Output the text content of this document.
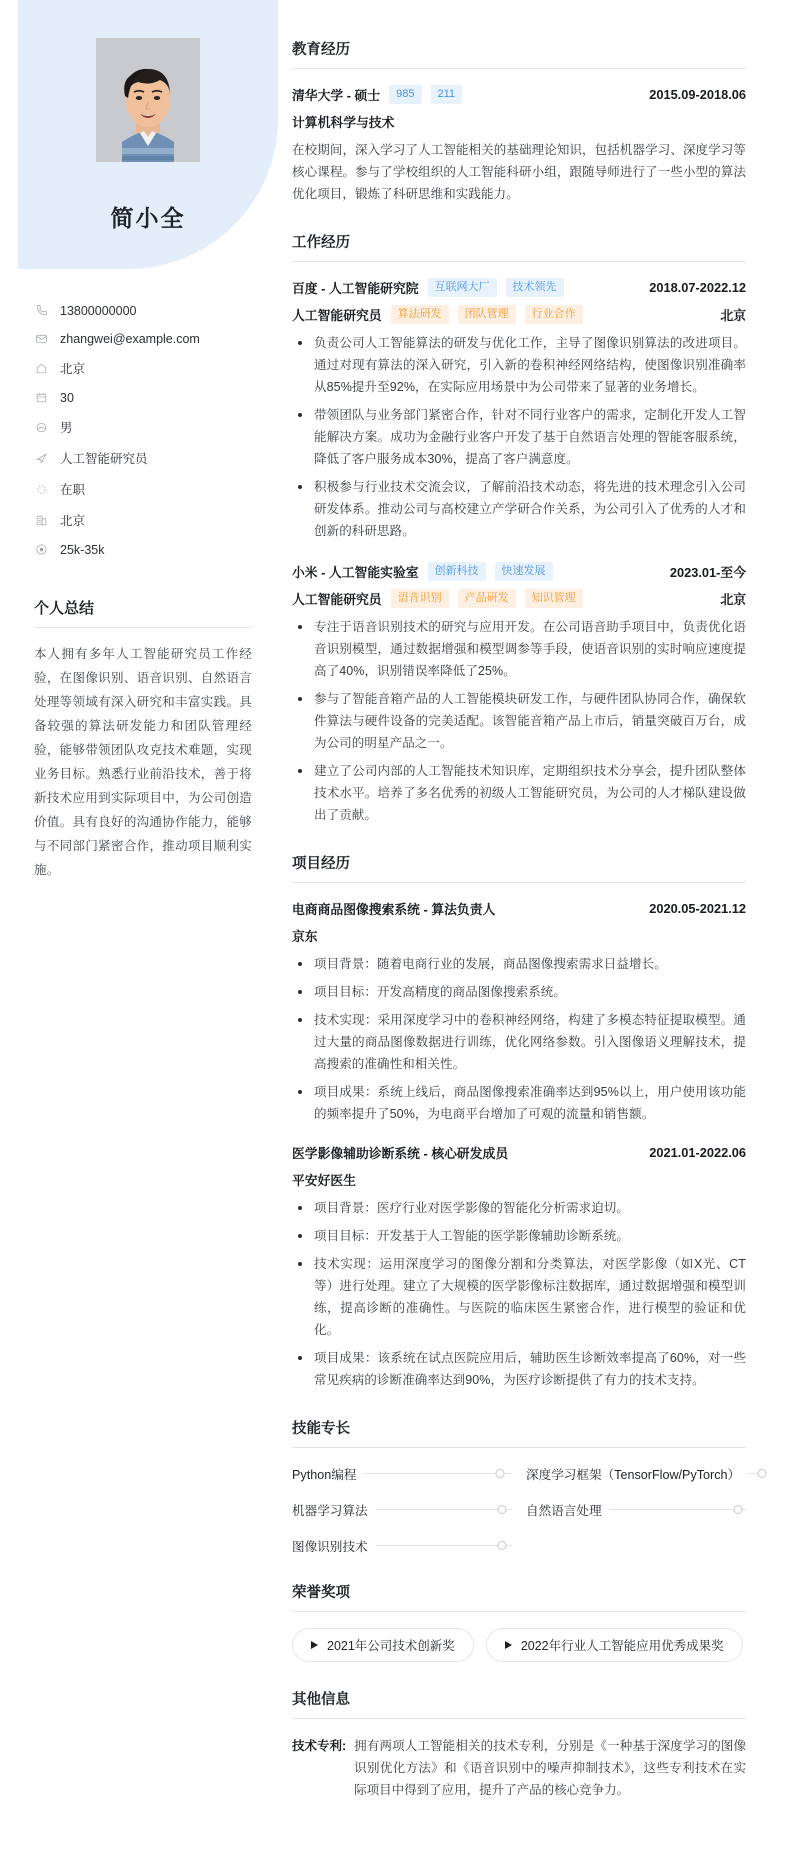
简小全
13800000000
zhangwei@example.com
北京
30
男
人工智能研究员
在职
北京
25k-35k
个人总结
本人拥有多年人工智能研究员工作经验，在图像识别、语音识别、自然语言处理等领域有深入研究和丰富实践。具备较强的算法研发能力和团队管理经验，能够带领团队攻克技术难题，实现业务目标。熟悉行业前沿技术，善于将新技术应用到实际项目中，为公司创造价值。具有良好的沟通协作能力，能够与不同部门紧密合作，推动项目顺利实施。
教育经历
清华大学 - 硕士	985	211	2015.09-2018.06
计算机科学与技术
在校期间，深入学习了人工智能相关的基础理论知识，包括机器学习、深度学习等核心课程。参与了学校组织的人工智能科研小组，跟随导师进行了一些小型的算法优化项目，锻炼了科研思维和实践能力。
工作经历
百度 - 人工智能研究院	互联网大厂	技术领先	2018.07-2022.12
人工智能研究员	算法研发	团队管理	行业合作	北京
负责公司人工智能算法的研发与优化工作，主导了图像识别算法的改进项目。通过对现有算法的深入研究，引入新的卷积神经网络结构，使图像识别准确率从85%提升至92%，在实际应用场景中为公司带来了显著的业务增长。
带领团队与业务部门紧密合作，针对不同行业客户的需求，定制化开发人工智能解决方案。成功为金融行业客户开发了基于自然语言处理的智能客服系统，降低了客户服务成本30%，提高了客户满意度。
积极参与行业技术交流会议，了解前沿技术动态，将先进的技术理念引入公司研发体系。推动公司与高校建立产学研合作关系，为公司引入了优秀的人才和创新的科研思路。
小米 - 人工智能实验室	创新科技	快速发展	2023.01-至今
人工智能研究员	语音识别	产品研发	知识管理	北京
专注于语音识别技术的研究与应用开发。在公司语音助手项目中，负责优化语音识别模型，通过数据增强和模型调参等手段，使语音识别的实时响应速度提高了40%，识别错误率降低了25%。
参与了智能音箱产品的人工智能模块研发工作，与硬件团队协同合作，确保软件算法与硬件设备的完美适配。该智能音箱产品上市后，销量突破百万台，成为公司的明星产品之一。
建立了公司内部的人工智能技术知识库，定期组织技术分享会，提升团队整体技术水平。培养了多名优秀的初级人工智能研究员，为公司的人才梯队建设做出了贡献。
项目经历
电商商品图像搜索系统 - 算法负责人	2020.05-2021.12
京东
项目背景：随着电商行业的发展，商品图像搜索需求日益增长。
项目目标：开发高精度的商品图像搜索系统。
技术实现：采用深度学习中的卷积神经网络，构建了多模态特征提取模型。通过大量的商品图像数据进行训练，优化网络参数。引入图像语义理解技术，提高搜索的准确性和相关性。
项目成果：系统上线后，商品图像搜索准确率达到95%以上，用户使用该功能的频率提升了50%，为电商平台增加了可观的流量和销售额。
医学影像辅助诊断系统 - 核心研发成员	2021.01-2022.06
平安好医生
项目背景：医疗行业对医学影像的智能化分析需求迫切。
项目目标：开发基于人工智能的医学影像辅助诊断系统。
技术实现：运用深度学习的图像分割和分类算法，对医学影像（如X光、CT等）进行处理。建立了大规模的医学影像标注数据库，通过数据增强和模型训练，提高诊断的准确性。与医院的临床医生紧密合作，进行模型的验证和优化。
项目成果：该系统在试点医院应用后，辅助医生诊断效率提高了60%，对一些常见疾病的诊断准确率达到90%，为医疗诊断提供了有力的技术支持。
技能专长
Python编程	深度学习框架（TensorFlow/PyTorch）
机器学习算法	自然语言处理
图像识别技术
荣誉奖项
2021年公司技术创新奖	2022年行业人工智能应用优秀成果奖
其他信息
技术专利: 拥有两项人工智能相关的技术专利，分别是《一种基于深度学习的图像识别优化方法》和《语音识别中的噪声抑制技术》，这些专利技术在实际项目中得到了应用，提升了产品的核心竞争力。
